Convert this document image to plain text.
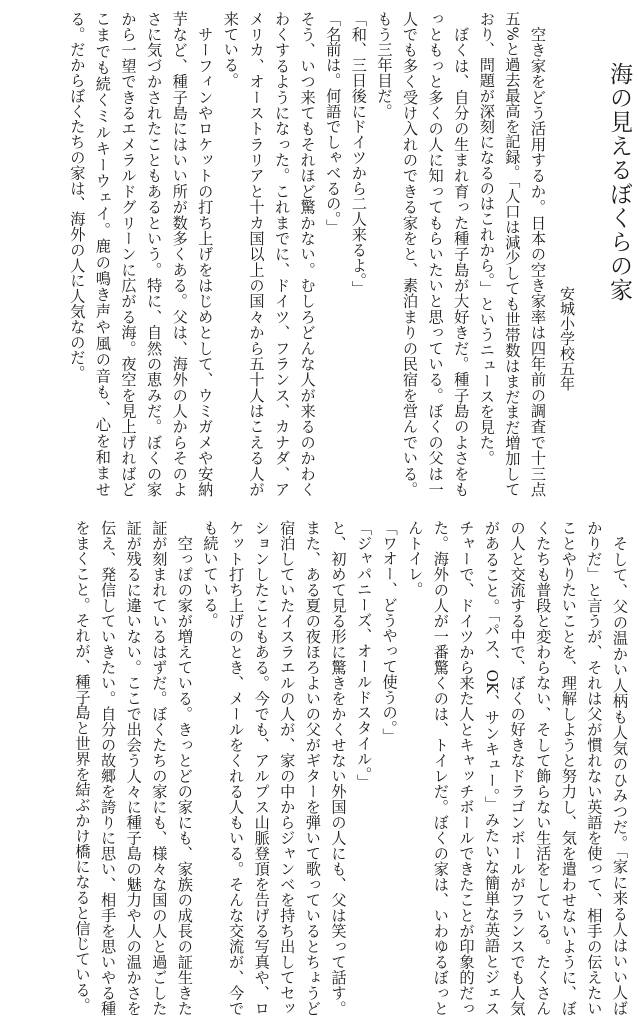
海の見えるぼくらの家
安城小学校五年

　空き家をどう活用するか。日本の空き家率は四年前の調査で十三点五%と過去最高を記録。「人口は減少しても世帯数はまだまだ増加しており、問題が深刻になるのはこれから。」というニュースを見た。

　ぼくは、自分の生まれ育った種子島が大好きだ。種子島のよさをもっともっと多くの人に知ってもらいたいと思っている。ぼくの父は一人でも多く受け入れのできる家をと、素泊まりの民宿を営んでいる。もう三年目だ。

「和、三日後にドイツから二人来るよ。」

「名前は。何語でしゃべるの。」

そう、いつ来てもそれほど驚かない。むしろどんな人が来るのかわくわくするようになった。これまでに、ドイツ、フランス、カナダ、アメリカ、オーストラリアと十カ国以上の国々から五十人はこえる人が来ている。

　サーフィンやロケットの打ち上げをはじめとして、ウミガメや安納芋など、種子島にはいい所が数多くある。父は、海外の人からそのよさに気づかされたこともあるという。特に、自然の恵みだ。ぼくの家から一望できるエメラルドグリーンに広がる海。夜空を見上げればどこまでも続くミルキーウェイ。鹿の鳴き声や風の音も、心を和ませる。だからぼくたちの家は、海外の人に人気なのだ。

　そして、父の温かい人柄も人気のひみつだ。「家に来る人はいい人ばかりだ」と言うが、それは父が慣れない英語を使って、相手の伝えたいことやりたいことを、理解しようと努力し、気を遣わせないように、ぼくたちも普段と変わらない、そして飾らない生活をしている。たくさんの人と交流する中で、ぼくの好きなドラゴンボールがフランスでも人気があること。「パス、OK、サンキュー。」みたいな簡単な英語とジェスチャーで、ドイツから来た人とキャッチボールできたことが印象的だった。海外の人が一番驚くのは、トイレだ。ぼくの家は、いわゆるぼっとんトイレ。

「ワオー、どうやって使うの。」

「ジャパニーズ、オールドスタイル。」

と、初めて見る形に驚きをかくせない外国の人にも、父は笑って話す。また、ある夏の夜ほろよいの父がギターを弾いて歌っているとちょうど宿泊していたイスラエルの人が、家の中からジャンベを持ち出してセッションしたこともある。今でも、アルプス山脈登頂を告げる写真や、ロケット打ち上げのとき、メールをくれる人もいる。そんな交流が、今でも続いている。

　空っぽの家が増えている。きっとどの家にも、家族の成長の証生きた証が刻まれているはずだ。ぼくたちの家にも、様々な国の人と過ごした証が残るに違いない。ここで出会う人々に種子島の魅力や人の温かさを伝え、発信していきたい。自分の故郷を誇りに思い、相手を思いやる種をまくこと。それが、種子島と世界を結ぶかけ橋になると信じている。
